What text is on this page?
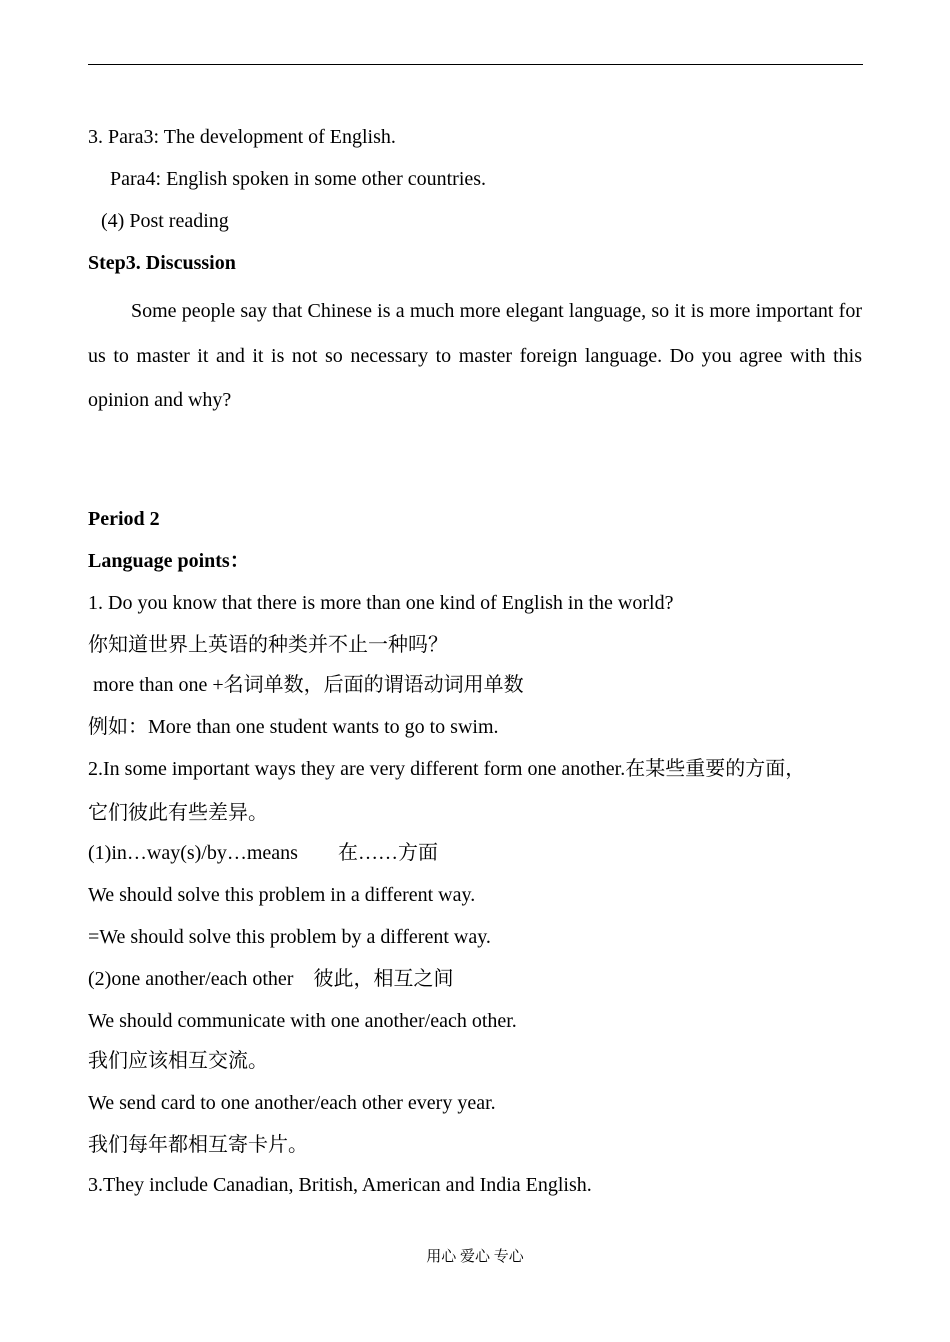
3. Para3: The development of English.
Para4: English spoken in some other countries.
(4) Post reading
Step3. Discussion

Some people say that Chinese is a much more elegant language, so it is more important for us to master it and it is not so necessary to master foreign language. Do you agree with this opinion and why?

Period 2
Language points：
1. Do you know that there is more than one kind of English in the world?
你知道世界上英语的种类并不止一种吗？
more than one +名词单数，后面的谓语动词用单数
例如：More than one student wants to go to swim.
2.In some important ways they are very different form one another.在某些重要的方面，
它们彼此有些差异。
(1)in…way(s)/by…means　　在……方面
We should solve this problem in a different way.
=We should solve this problem by a different way.
(2)one another/each other　彼此，相互之间
We should communicate with one another/each other.
我们应该相互交流。
We send card to one another/each other every year.
我们每年都相互寄卡片。
3.They include Canadian, British, American and India English.
用心 爱心 专心
